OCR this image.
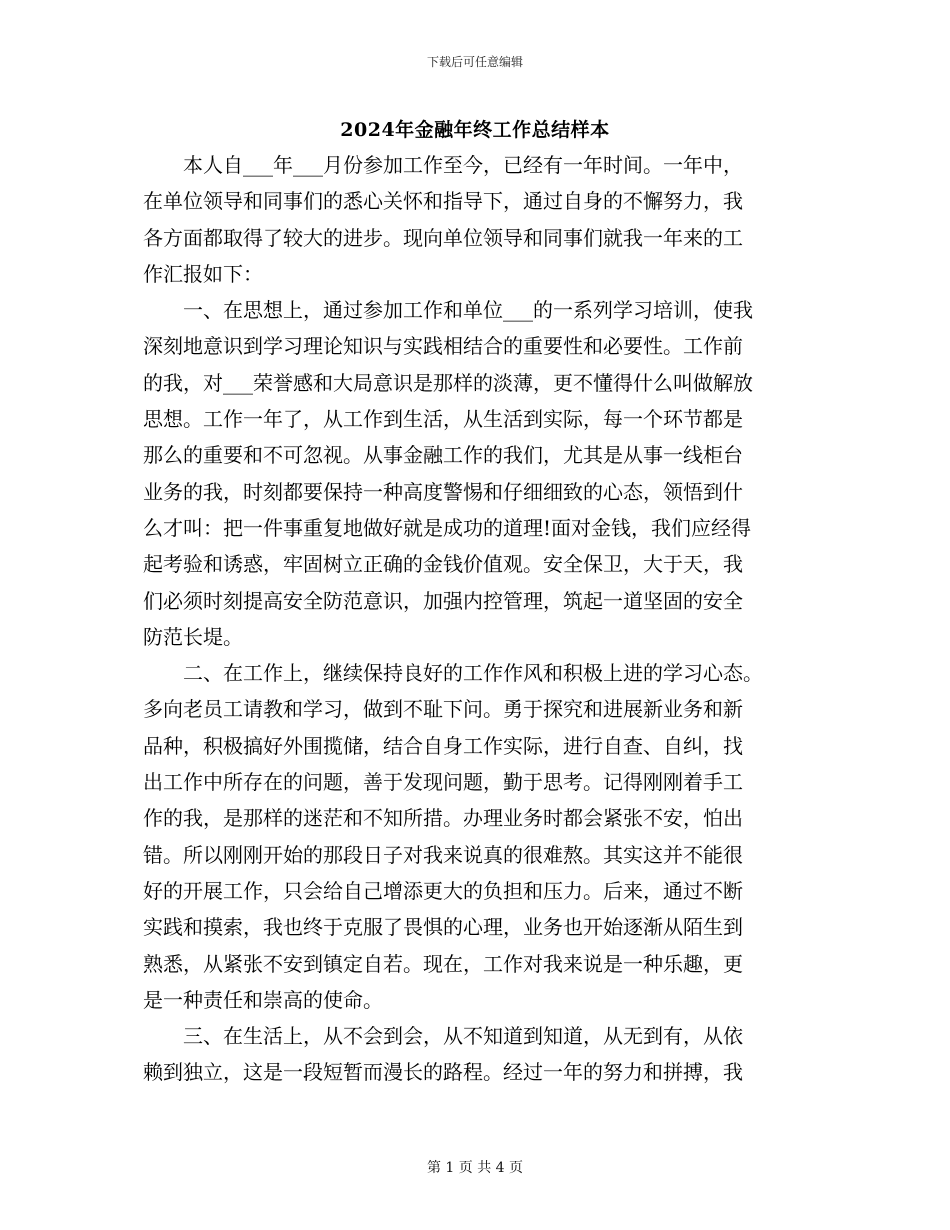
下载后可任意编辑
2024年金融年终工作总结样本
本人自___年___月份参加工作至今，已经有一年时间。一年中，
在单位领导和同事们的悉心关怀和指导下，通过自身的不懈努力，我
各方面都取得了较大的进步。现向单位领导和同事们就我一年来的工
作汇报如下：
一、在思想上，通过参加工作和单位___的一系列学习培训，使我
深刻地意识到学习理论知识与实践相结合的重要性和必要性。工作前
的我，对___荣誉感和大局意识是那样的淡薄，更不懂得什么叫做解放
思想。工作一年了，从工作到生活，从生活到实际，每一个环节都是
那么的重要和不可忽视。从事金融工作的我们，尤其是从事一线柜台
业务的我，时刻都要保持一种高度警惕和仔细细致的心态，领悟到什
么才叫：把一件事重复地做好就是成功的道理!面对金钱，我们应经得
起考验和诱惑，牢固树立正确的金钱价值观。安全保卫，大于天，我
们必须时刻提高安全防范意识，加强内控管理，筑起一道坚固的安全
防范长堤。
二、在工作上，继续保持良好的工作作风和积极上进的学习心态。
多向老员工请教和学习，做到不耻下问。勇于探究和进展新业务和新
品种，积极搞好外围揽储，结合自身工作实际，进行自查、自纠，找
出工作中所存在的问题，善于发现问题，勤于思考。记得刚刚着手工
作的我，是那样的迷茫和不知所措。办理业务时都会紧张不安，怕出
错。所以刚刚开始的那段日子对我来说真的很难熬。其实这并不能很
好的开展工作，只会给自己增添更大的负担和压力。后来，通过不断
实践和摸索，我也终于克服了畏惧的心理，业务也开始逐渐从陌生到
熟悉，从紧张不安到镇定自若。现在，工作对我来说是一种乐趣，更
是一种责任和崇高的使命。
三、在生活上，从不会到会，从不知道到知道，从无到有，从依
赖到独立，这是一段短暂而漫长的路程。经过一年的努力和拼搏，我
第 1 页 共 4 页
